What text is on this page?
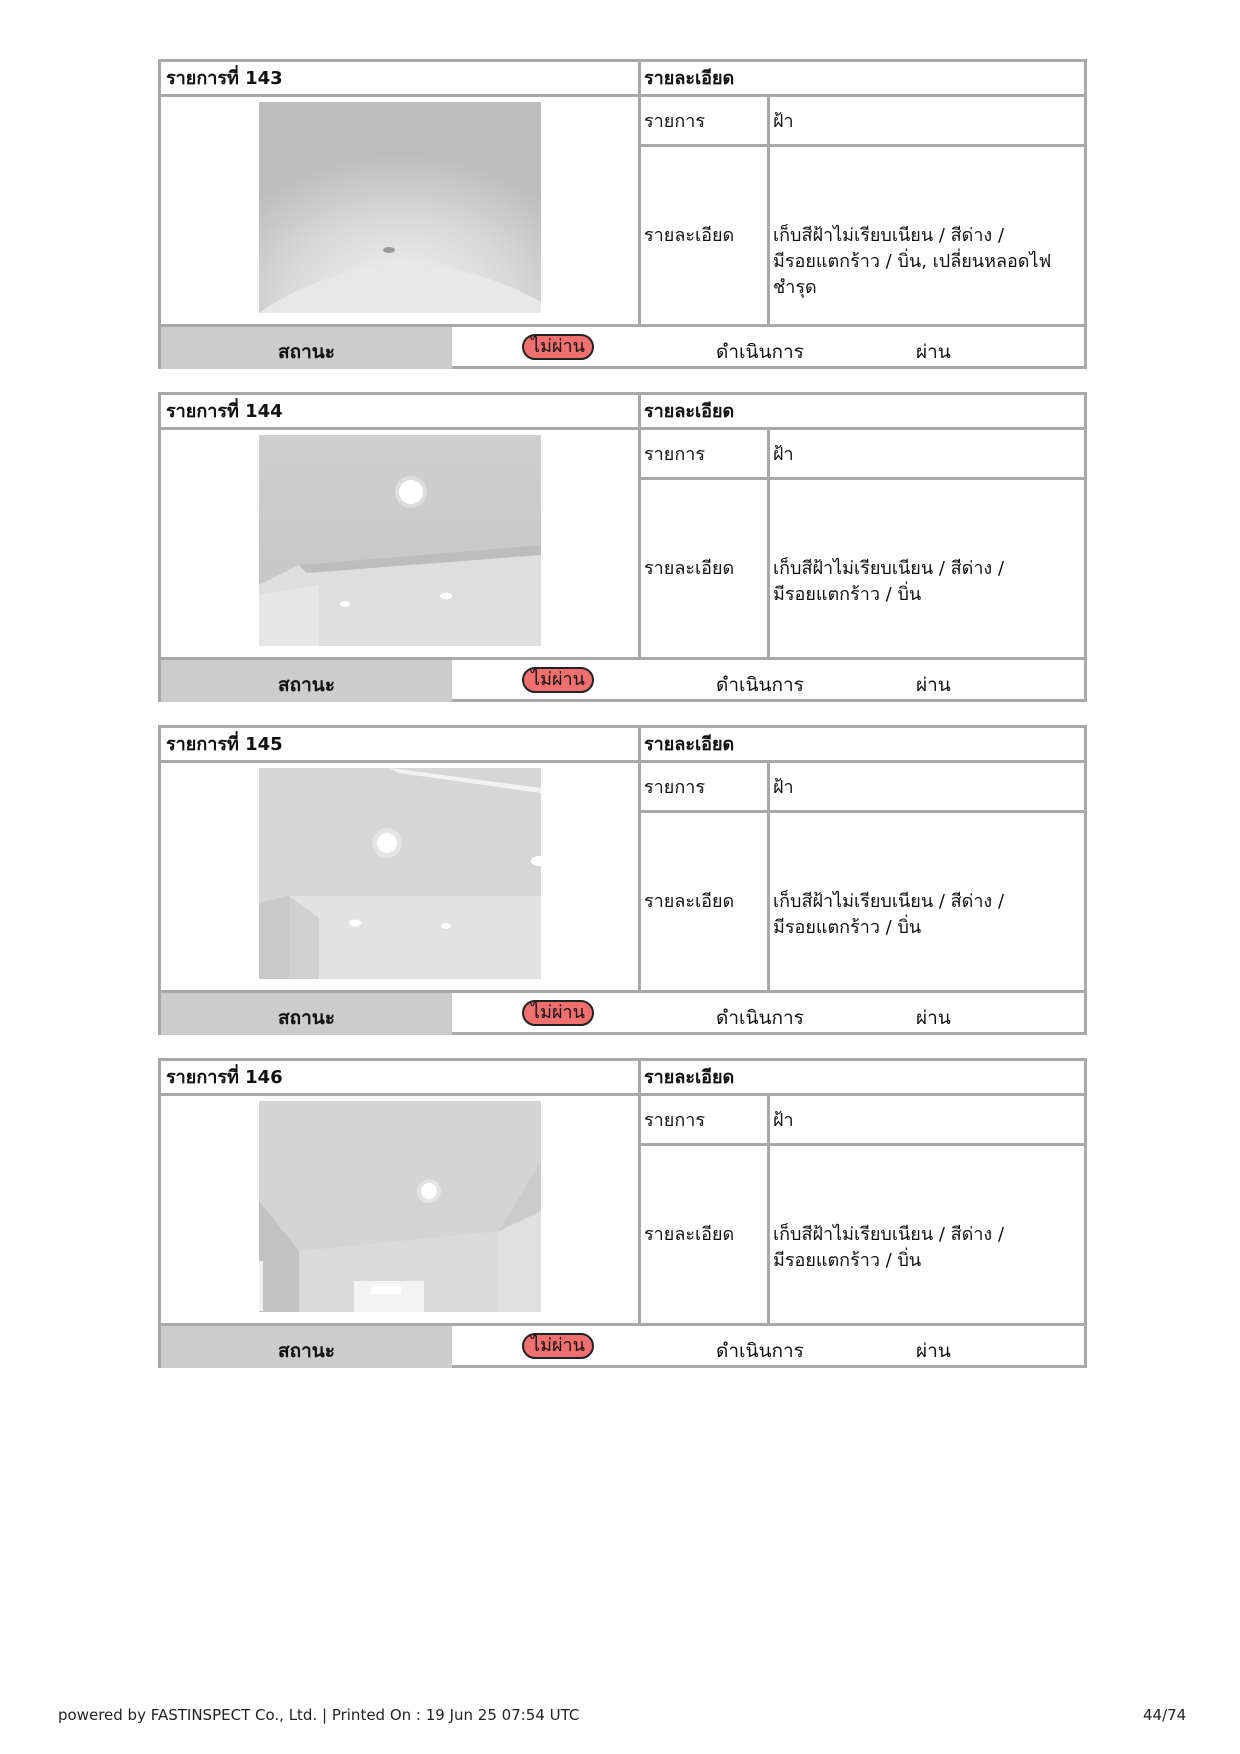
รายการที่ 143	รายละเอียด
รายการ	ฝ้า
รายละเอียด เก็บสีฝ้าไม่เรียบเนียน / สีด่าง /
มีรอยแตกร้าว / บิ่น, เปลี่ยนหลอดไฟ ชำรุด
สถานะ	ไม่ผ่าน	ดำเนินการ	ผ่าน
รายการที่ 144	รายละเอียด
รายการ	ฝ้า
รายละเอียด เก็บสีฝ้าไม่เรียบเนียน / สีด่าง /
มีรอยแตกร้าว / บิ่น
สถานะ	ไม่ผ่าน	ดำเนินการ	ผ่าน
รายการที่ 145	รายละเอียด
รายการ	ฝ้า
รายละเอียด เก็บสีฝ้าไม่เรียบเนียน / สีด่าง /
มีรอยแตกร้าว / บิ่น
สถานะ	ไม่ผ่าน	ดำเนินการ	ผ่าน
รายการที่ 146	รายละเอียด
รายการ	ฝ้า
รายละเอียด เก็บสีฝ้าไม่เรียบเนียน / สีด่าง /
มีรอยแตกร้าว / บิ่น
สถานะ	ไม่ผ่าน	ดำเนินการ	ผ่าน
powered by FASTINSPECT Co., Ltd. | Printed On : 19 Jun 25 07:54 UTC	44/74
